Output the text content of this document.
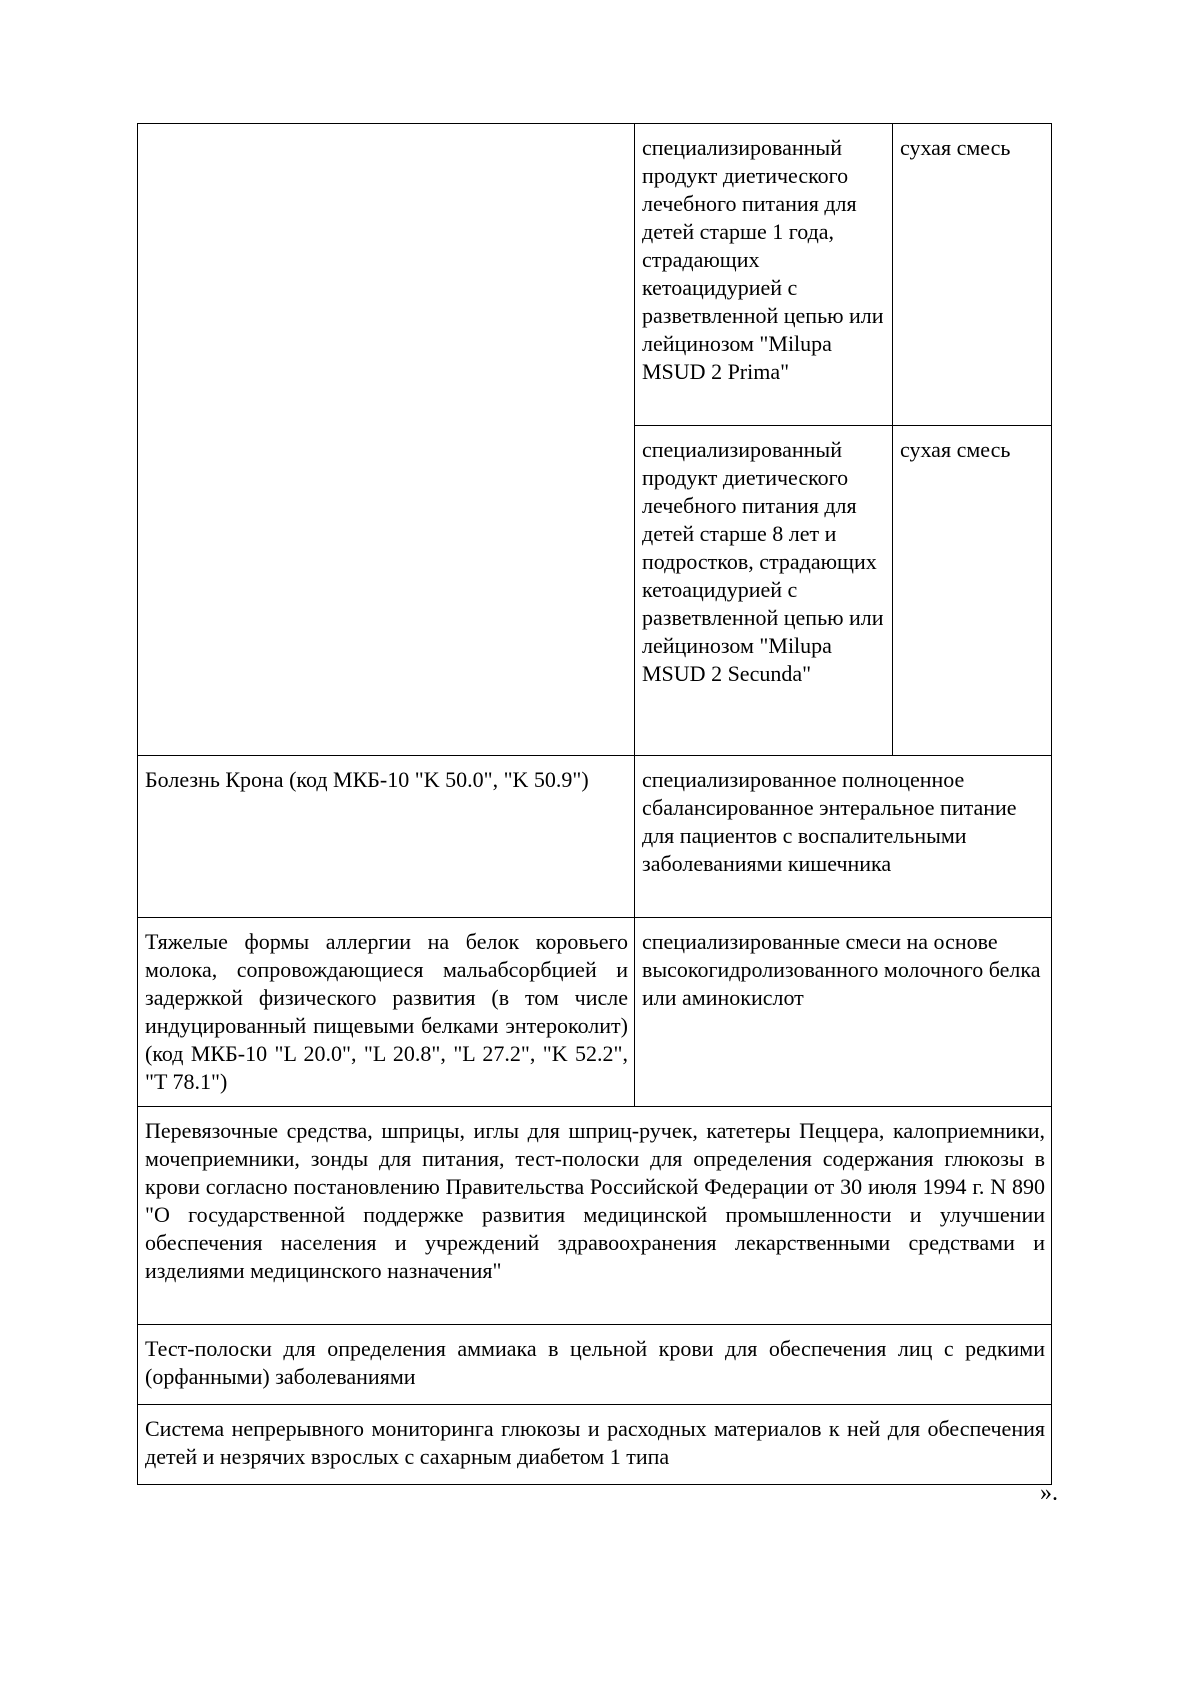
	специализированный продукт диетического лечебного питания для детей старше 1 года, страдающих кетоацидурией с разветвленной цепью или лейцинозом "Milupa MSUD 2 Prima"	сухая смесь
	специализированный продукт диетического лечебного питания для детей старше 8 лет и подростков, страдающих кетоацидурией с разветвленной цепью или лейцинозом "Milupa MSUD 2 Secunda"	сухая смесь
Болезнь Крона (код МКБ-10 "K 50.0", "K 50.9")	специализированное полноценное сбалансированное энтеральное питание для пациентов с воспалительными заболеваниями кишечника	
Тяжелые формы аллергии на белок коровьего молока, сопровождающиеся мальабсорбцией и задержкой физического развития (в том числе индуцированный пищевыми белками энтероколит) (код МКБ-10 "L 20.0", "L 20.8", "L 27.2", "K 52.2", "T 78.1")	специализированные смеси на основе высокогидролизованного молочного белка или аминокислот	
Перевязочные средства, шприцы, иглы для шприц-ручек, катетеры Пеццера, калоприемники, мочеприемники, зонды для питания, тест-полоски для определения содержания глюкозы в крови согласно постановлению Правительства Российской Федерации от 30 июля 1994 г. N 890 "О государственной поддержке развития медицинской промышленности и улучшении обеспечения населения и учреждений здравоохранения лекарственными средствами и изделиями медицинского назначения"		
Тест-полоски для определения аммиака в цельной крови для обеспечения лиц с редкими (орфанными) заболеваниями		
Система непрерывного мониторинга глюкозы и расходных материалов к ней для обеспечения детей и незрячих взрослых с сахарным диабетом 1 типа		
».
